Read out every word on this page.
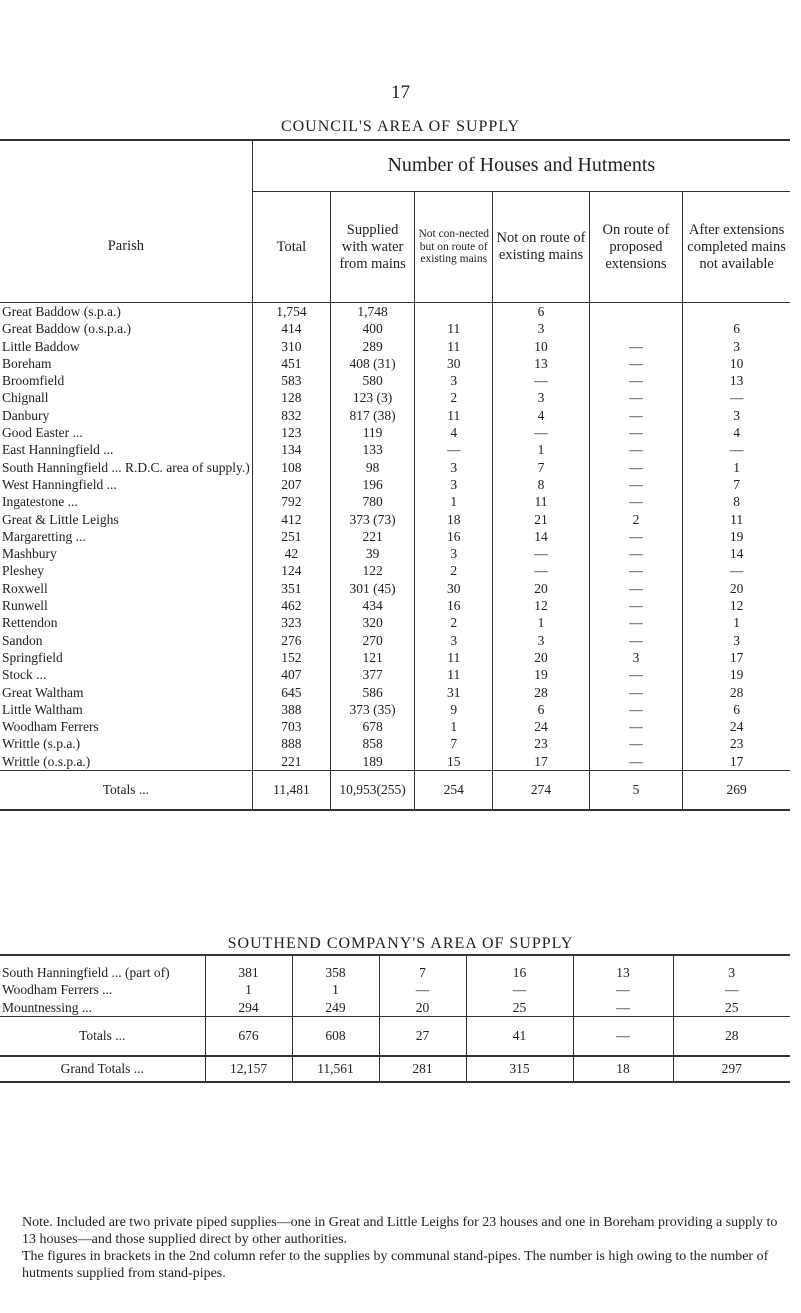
17
COUNCIL'S AREA OF SUPPLY
	Number of Houses and Hutments					
Parish	Total	Supplied with water from mains	Not con-nected but on route of existing mains	Not on route of existing mains	On route of proposed extensions	After extensions completed mains not available
Great Baddow (s.p.a.)	1,754	1,748		6		
Great Baddow (o.s.p.a.)	414	400	11	3		6
Little Baddow	310	289	11	10	—	3
Boreham	451	408 (31)	30	13	—	10
Broomfield	583	580	3	—	—	13
Chignall	128	123 (3)	2	3	—	—
Danbury	832	817 (38)	11	4	—	3
Good Easter ...	123	119	4	—	—	4
East Hanningfield ...	134	133	—	1	—	—
South Hanningfield ... R.D.C. area of supply.)	108	98	3	7	—	1
West Hanningfield ...	207	196	3	8	—	7
Ingatestone ...	792	780	1	11	—	8
Great & Little Leighs	412	373 (73)	18	21	2	11
Margaretting ...	251	221	16	14	—	19
Mashbury	42	39	3	—	—	14
Pleshey	124	122	2	—	—	—
Roxwell	351	301 (45)	30	20	—	20
Runwell	462	434	16	12	—	12
Rettendon	323	320	2	1	—	1
Sandon	276	270	3	3	—	3
Springfield	152	121	11	20	3	17
Stock ...	407	377	11	19	—	19
Great Waltham	645	586	31	28	—	28
Little Waltham	388	373 (35)	9	6	—	6
Woodham Ferrers	703	678	1	24	—	24
Writtle (s.p.a.)	888	858	7	23	—	23
Writtle (o.s.p.a.)	221	189	15	17	—	17
Totals ...	11,481	10,953(255)	254	274	5	269
SOUTHEND COMPANY'S AREA OF SUPPLY
South Hanningfield ... (part of)	381	358	7	16	13	3
Woodham Ferrers ...	1	1	—	—	—	—
Mountnessing ...	294	249	20	25	—	25
Totals ...	676	608	27	41	—	28
Grand Totals ...	12,157	11,561	281	315	18	297

Note. Included are two private piped supplies—one in Great and Little Leighs for 23 houses and one in Boreham providing a supply to 13 houses—and those supplied direct by other authorities.

The figures in brackets in the 2nd column refer to the supplies by communal stand-pipes. The number is high owing to the number of hutments supplied from stand-pipes.
